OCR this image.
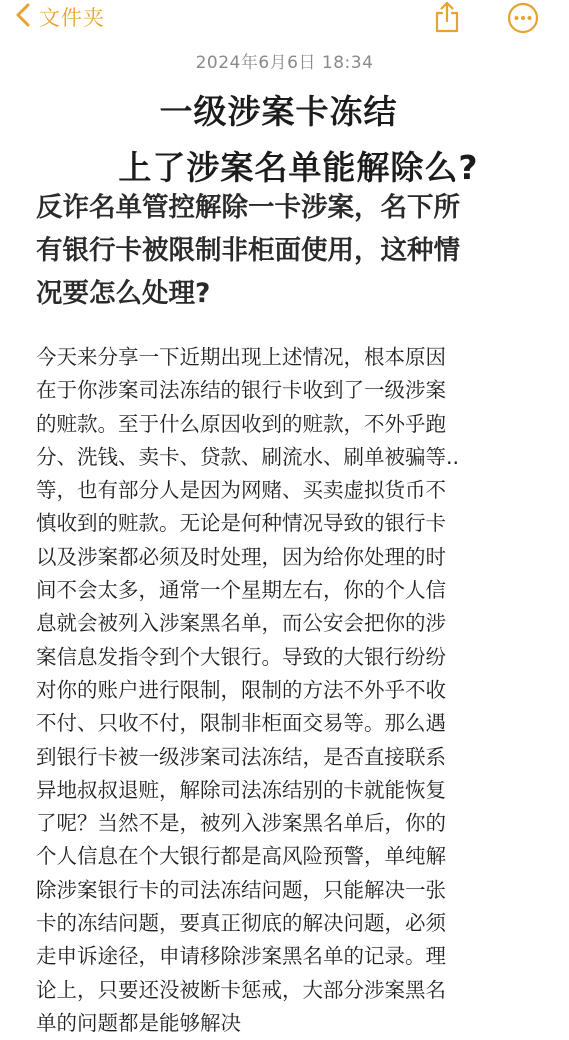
文件夹
2024年6月6日 18:34
一级涉案卡冻结
上了涉案名单能解除么?
反诈名单管控解除一卡涉案，名下所
有银行卡被限制非柜面使用，这种情
况要怎么处理?
今天来分享一下近期出现上述情况，根本原因
在于你涉案司法冻结的银行卡收到了一级涉案
的赃款。至于什么原因收到的赃款，不外乎跑
分、洗钱、卖卡、贷款、刷流水、刷单被骗等..
等，也有部分人是因为网赌、买卖虚拟货币不
慎收到的赃款。无论是何种情况导致的银行卡
以及涉案都必须及时处理，因为给你处理的时
间不会太多，通常一个星期左右，你的个人信
息就会被列入涉案黑名单，而公安会把你的涉
案信息发指令到个大银行。导致的大银行纷纷
对你的账户进行限制，限制的方法不外乎不收
不付、只收不付，限制非柜面交易等。那么遇
到银行卡被一级涉案司法冻结，是否直接联系
异地叔叔退赃，解除司法冻结别的卡就能恢复
了呢？当然不是，被列入涉案黑名单后，你的
个人信息在个大银行都是高风险预警，单纯解
除涉案银行卡的司法冻结问题，只能解决一张
卡的冻结问题，要真正彻底的解决问题，必须
走申诉途径，申请移除涉案黑名单的记录。理
论上，只要还没被断卡惩戒，大部分涉案黑名
单的问题都是能够解决
